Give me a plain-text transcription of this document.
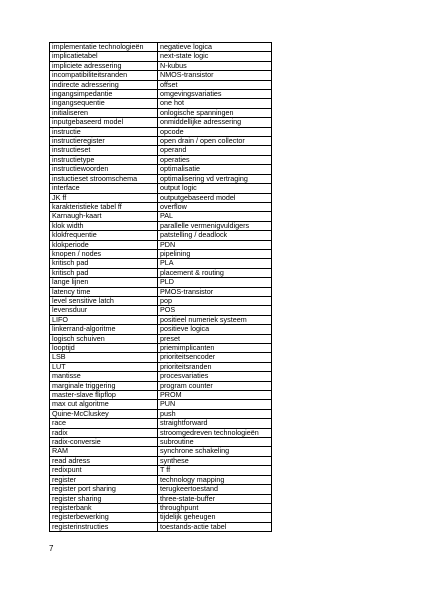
implementatie technologieën	negatieve logica
implicatietabel	next-state logic
impliciete adressering	N-kubus
incompatibiliteitsranden	NMOS-transistor
indirecte adressering	offset
ingangsimpedantie	omgevingsvariaties
ingangsequentie	one hot
initialiseren	onlogische spanningen
inputgebaseerd model	onmiddellijke adressering
instructie	opcode
instructieregister	open drain / open collector
instructieset	operand
instructietype	operaties
instructiewoorden	optimalisatie
instuctieset stroomschema	optimalisering vd vertraging
interface	output logic
JK ff	outputgebaseerd model
karakteristieke tabel ff	overflow
Karnaugh-kaart	PAL
klok width	parallelle vermenigvuldigers
klokfrequentie	patstelling / deadlock
klokperiode	PDN
knopen / nodes	pipelining
kritisch pad	PLA
kritisch pad	placement & routing
lange lijnen	PLD
latency time	PMOS-transistor
level sensitive latch	pop
levensduur	POS
LIFO	positieel numeriek systeem
linkerrand-algoritme	positieve logica
logisch schuiven	preset
looptijd	priemimplicanten
LSB	prioriteitsencoder
LUT	prioriteitsranden
mantisse	procesvariaties
marginale triggering	program counter
master-slave flipflop	PROM
max cut algoritme	PUN
Quine-McCluskey	push
race	straightforward
radix	stroomgedreven technologieën
radix-conversie	subroutine
RAM	synchrone schakeling
read adress	synthese
redixpunt	T ff
register	technology mapping
register port sharing	terugkeertoestand
register sharing	three-state-buffer
registerbank	throughpunt
registerbewerking	tijdelijk geheugen
registerinstructies	toestands-actie tabel
7
